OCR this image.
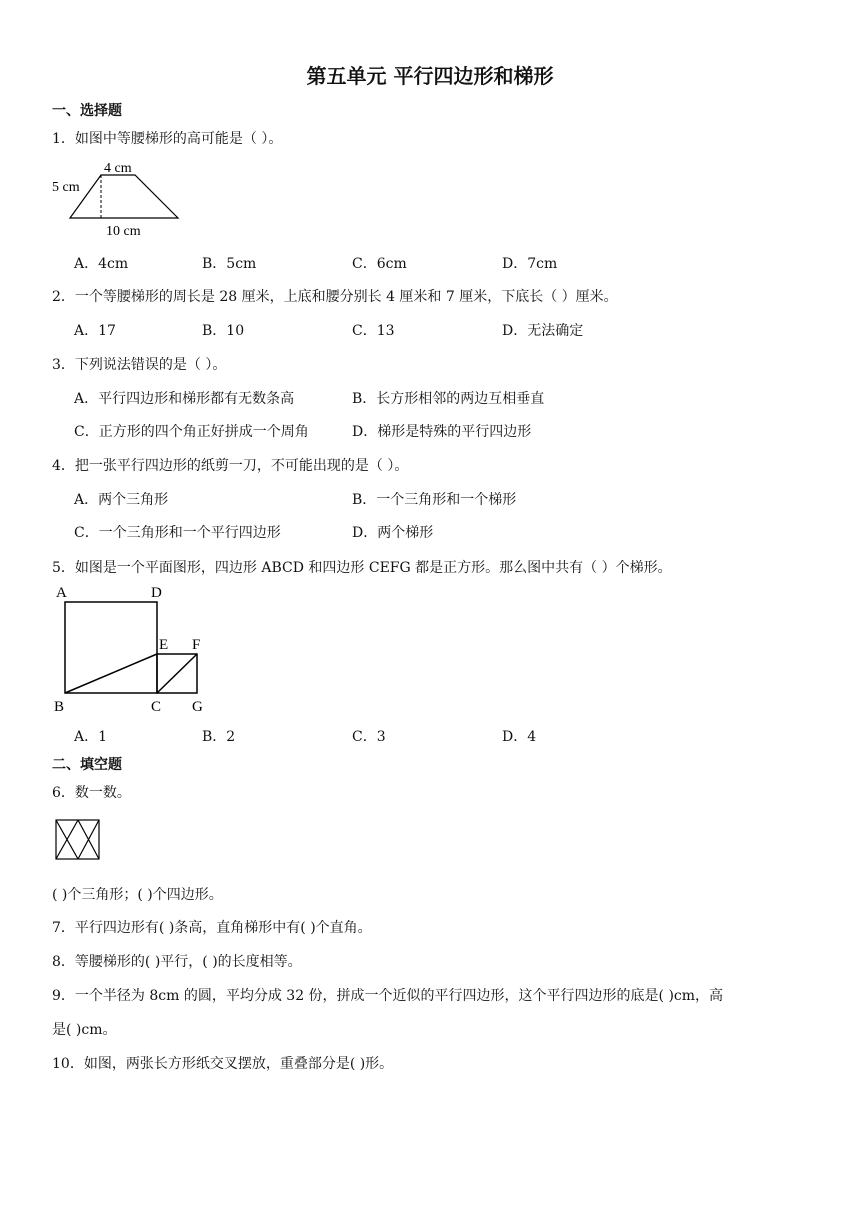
第五单元 平行四边形和梯形
一、选择题
1．如图中等腰梯形的高可能是（ ）。
4 cm
5 cm
10 cm
A．4cm	B．5cm	C．6cm	D．7cm
2．一个等腰梯形的周长是 28 厘米，上底和腰分别长 4 厘米和 7 厘米，下底长（ ）厘米。
A．17	B．10	C．13	D．无法确定
3．下列说法错误的是（ ）。
A．平行四边形和梯形都有无数条高	B．长方形相邻的两边互相垂直
C．正方形的四个角正好拼成一个周角	D．梯形是特殊的平行四边形
4．把一张平行四边形的纸剪一刀，不可能出现的是（ ）。
A．两个三角形	B．一个三角形和一个梯形
C．一个三角形和一个平行四边形	D．两个梯形
5．如图是一个平面图形，四边形 ABCD 和四边形 CEFG 都是正方形。那么图中共有（ ）个梯形。
A	D
E F
B	C G
A．1	B．2	C．3	D．4
二、填空题
6．数一数。
( )个三角形；( )个四边形。
7．平行四边形有( )条高，直角梯形中有( )个直角。
8．等腰梯形的( )平行，( )的长度相等。
9．一个半径为 8cm 的圆，平均分成 32 份，拼成一个近似的平行四边形，这个平行四边形的底是( )cm，高
是( )cm。
10．如图，两张长方形纸交叉摆放，重叠部分是( )形。
